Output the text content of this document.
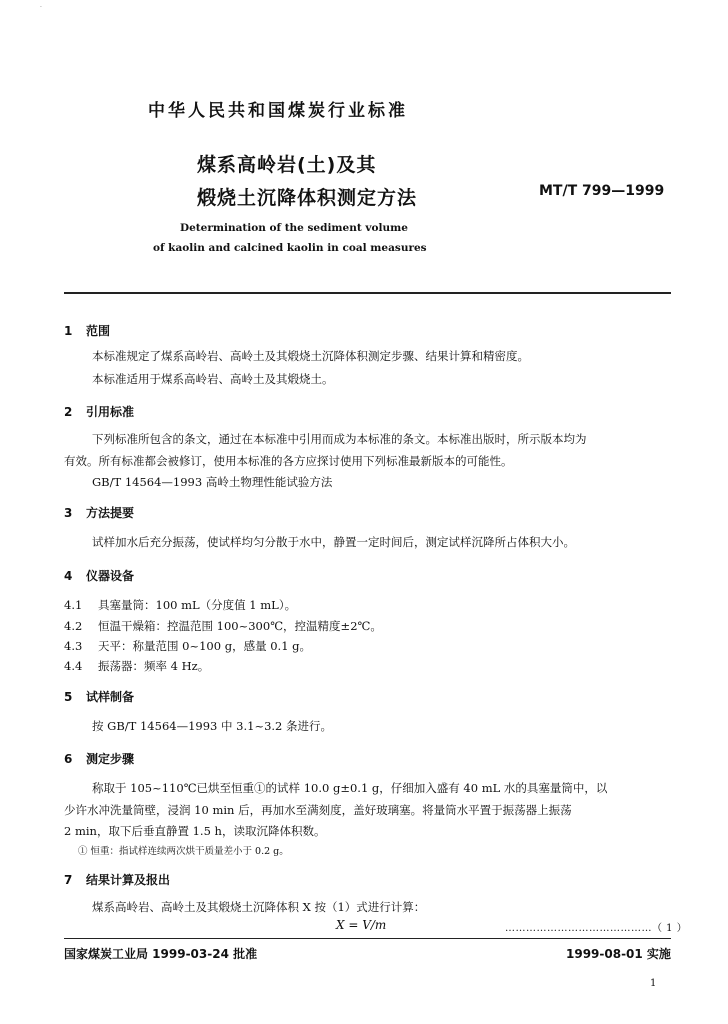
·
中华人民共和国煤炭行业标准
煤系高岭岩(土)及其
煅烧土沉降体积测定方法	MT/T 799—1999
Determination of the sediment volume
of kaolin and calcined kaolin in coal measures
1 范围
本标准规定了煤系高岭岩、高岭土及其煅烧土沉降体积测定步骤、结果计算和精密度。
本标准适用于煤系高岭岩、高岭土及其煅烧土。
2 引用标准
下列标准所包含的条文，通过在本标准中引用而成为本标准的条文。本标准出版时，所示版本均为
有效。所有标准都会被修订，使用本标准的各方应探讨使用下列标准最新版本的可能性。
GB/T 14564—1993 高岭土物理性能试验方法
3 方法提要
试样加水后充分振荡，使试样均匀分散于水中，静置一定时间后，测定试样沉降所占体积大小。
4 仪器设备
4.1 具塞量筒：100 mL（分度值 1 mL）。
4.2 恒温干燥箱：控温范围 100~300℃，控温精度±2℃。
4.3 天平：称量范围 0~100 g，感量 0.1 g。
4.4 振荡器：频率 4 Hz。
5 试样制备
按 GB/T 14564—1993 中 3.1~3.2 条进行。
6 测定步骤
称取于 105~110℃已烘至恒重①的试样 10.0 g±0.1 g，仔细加入盛有 40 mL 水的具塞量筒中，以
少许水冲洗量筒壁，浸润 10 min 后，再加水至满刻度，盖好玻璃塞。将量筒水平置于振荡器上振荡
2 min，取下后垂直静置 1.5 h，读取沉降体积数。
① 恒重：指试样连续两次烘干质量差小于 0.2 g。
7 结果计算及报出
煤系高岭岩、高岭土及其煅烧土沉降体积 X 按（1）式进行计算：
X = V/m	……………………………………（ 1 ）
国家煤炭工业局 1999-03-24 批准	1999-08-01 实施
1
